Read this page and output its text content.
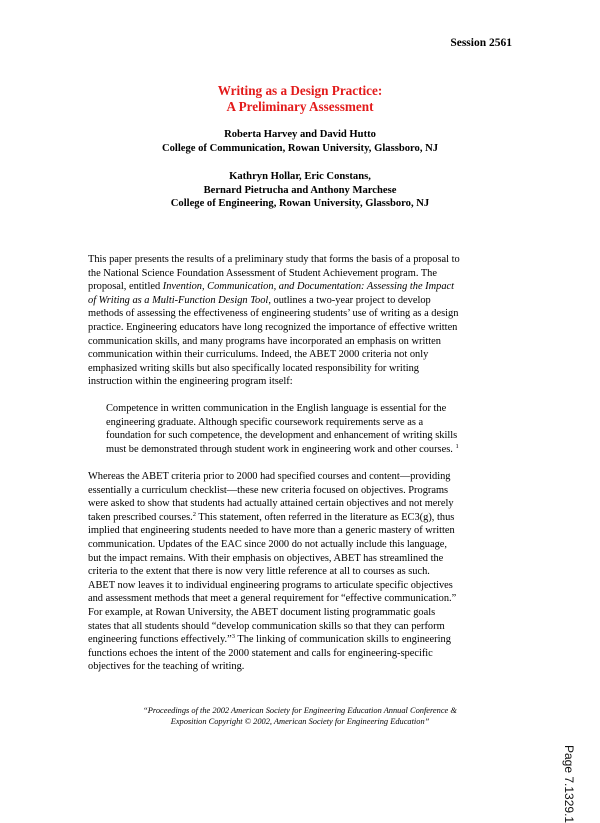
Session 2561
Writing as a Design Practice:
A Preliminary Assessment
Roberta Harvey and David Hutto
College of Communication, Rowan University, Glassboro, NJ
Kathryn Hollar, Eric Constans,
Bernard Pietrucha and Anthony Marchese
College of Engineering, Rowan University, Glassboro, NJ
This paper presents the results of a preliminary study that forms the basis of a proposal to
the National Science Foundation Assessment of Student Achievement program. The
proposal, entitled Invention, Communication, and Documentation: Assessing the Impact
of Writing as a Multi-Function Design Tool, outlines a two-year project to develop
methods of assessing the effectiveness of engineering students’ use of writing as a design
practice. Engineering educators have long recognized the importance of effective written
communication skills, and many programs have incorporated an emphasis on written
communication within their curriculums. Indeed, the ABET 2000 criteria not only
emphasized writing skills but also specifically located responsibility for writing
instruction within the engineering program itself:
Competence in written communication in the English language is essential for the
engineering graduate. Although specific coursework requirements serve as a
foundation for such competence, the development and enhancement of writing skills
must be demonstrated through student work in engineering work and other courses. $^1$
Whereas the ABET criteria prior to 2000 had specified courses and content—providing
essentially a curriculum checklist—these new criteria focused on objectives. Programs
were asked to show that students had actually attained certain objectives and not merely
taken prescribed courses.$^2$ This statement, often referred in the literature as EC3(g), thus
implied that engineering students needed to have more than a generic mastery of written
communication. Updates of the EAC since 2000 do not actually include this language,
but the impact remains. With their emphasis on objectives, ABET has streamlined the
criteria to the extent that there is now very little reference at all to courses as such.
ABET now leaves it to individual engineering programs to articulate specific objectives
and assessment methods that meet a general requirement for “effective communication.”
For example, at Rowan University, the ABET document listing programmatic goals
states that all students should “develop communication skills so that they can perform
engineering functions effectively.”$^3$ The linking of communication skills to engineering
functions echoes the intent of the 2000 statement and calls for engineering-specific
objectives for the teaching of writing.
“Proceedings of the 2002 American Society for Engineering Education Annual Conference &
Exposition Copyright © 2002, American Society for Engineering Education”
Page 7.1329.1
